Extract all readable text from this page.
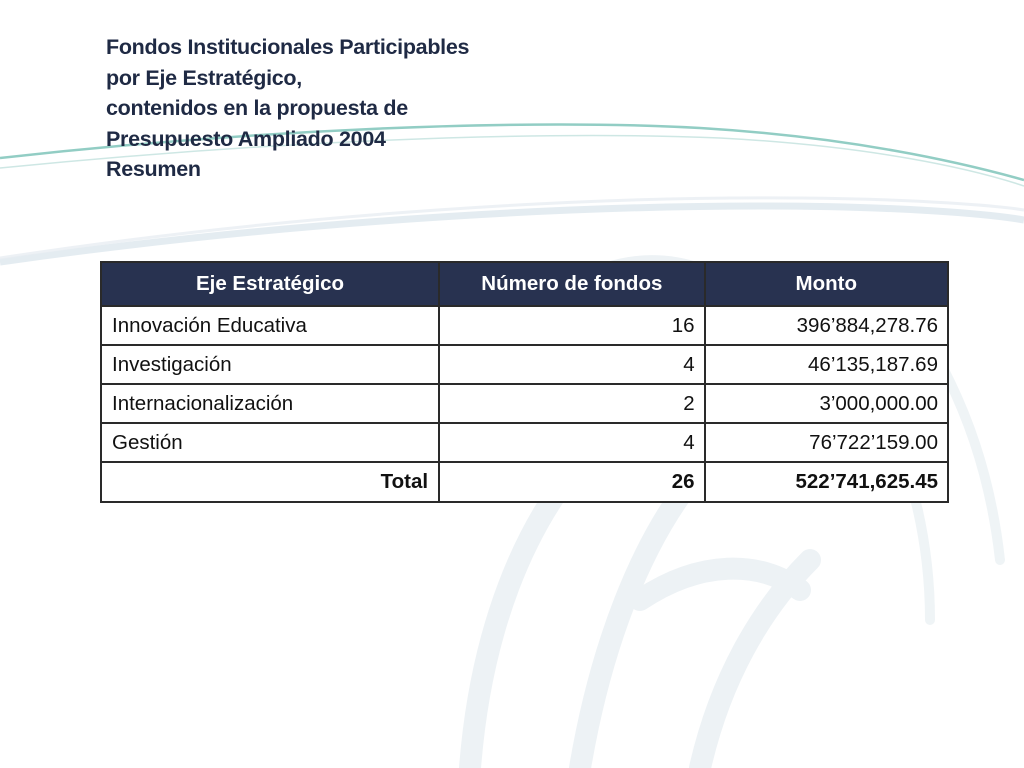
Fondos Institucionales Participables
por Eje Estratégico,
contenidos en la propuesta de
Presupuesto Ampliado 2004
Resumen
Eje Estratégico	Número de fondos	Monto
Innovación Educativa	16	396’884,278.76
Investigación	4	46’135,187.69
Internacionalización	2	3’000,000.00
Gestión	4	76’722’159.00
Total	26	522’741,625.45
